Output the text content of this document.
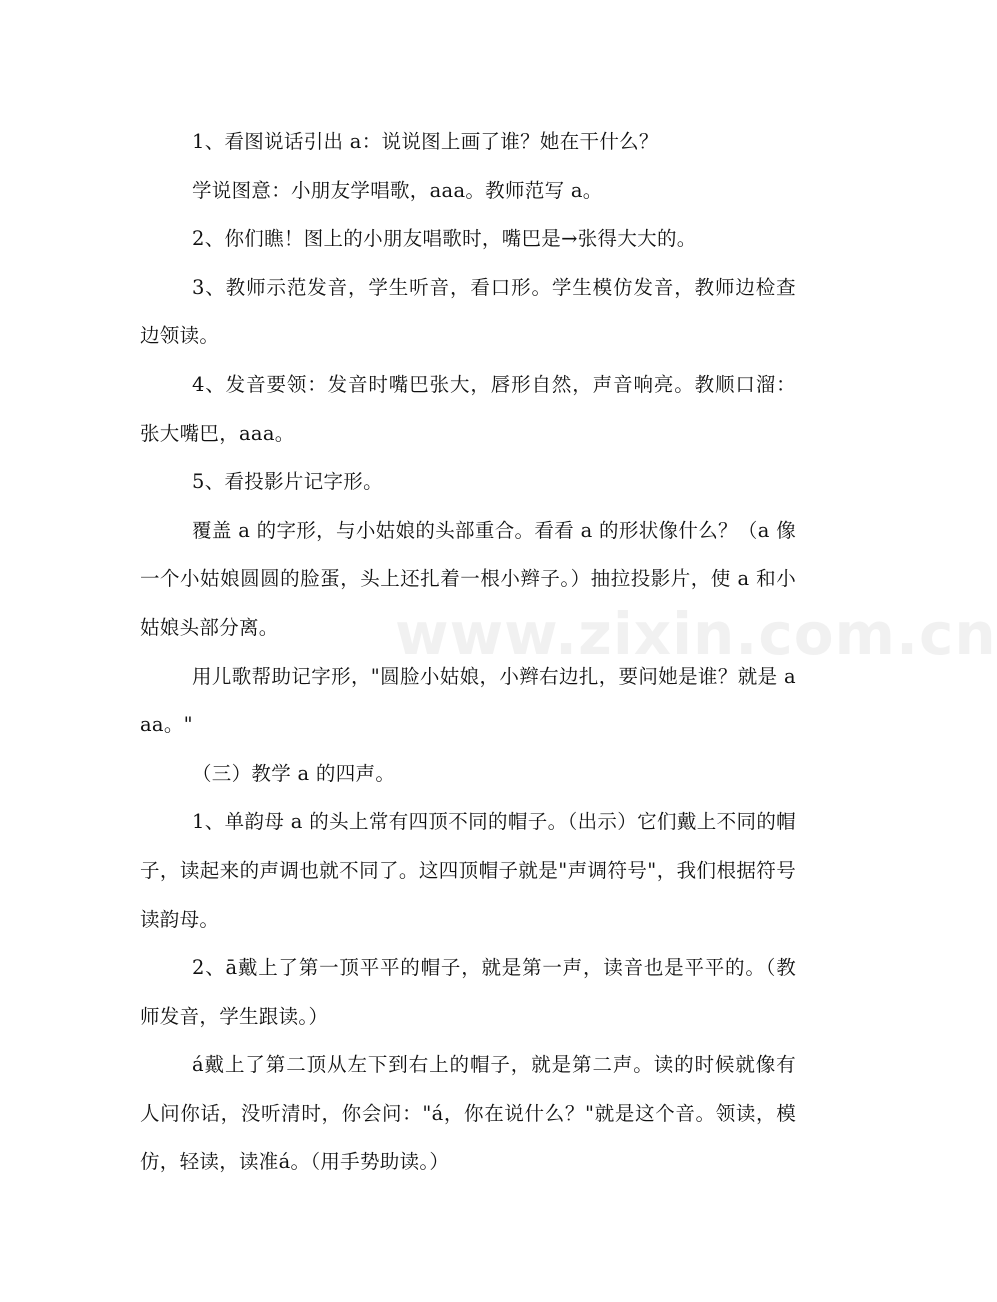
1、看图说话引出 a：说说图上画了谁？她在干什么？

学说图意：小朋友学唱歌，aaa。教师范写 a。

2、你们瞧！图上的小朋友唱歌时，嘴巴是→张得大大的。

3、教师示范发音，学生听音，看口形。学生模仿发音，教师边检查边领读。

4、发音要领：发音时嘴巴张大，唇形自然，声音响亮。教顺口溜：张大嘴巴，aaa。

5、看投影片记字形。

覆盖 a 的字形，与小姑娘的头部重合。看看 a 的形状像什么？（a 像一个小姑娘圆圆的脸蛋，头上还扎着一根小辫子。）抽拉投影片，使 a 和小姑娘头部分离。

用儿歌帮助记字形，"圆脸小姑娘，小辫右边扎，要问她是谁？就是 aaa。"

（三）教学 a 的四声。

1、单韵母 a 的头上常有四顶不同的帽子。（出示）它们戴上不同的帽子，读起来的声调也就不同了。这四顶帽子就是"声调符号"，我们根据符号读韵母。

2、ā戴上了第一顶平平的帽子，就是第一声，读音也是平平的。（教师发音，学生跟读。）

á戴上了第二顶从左下到右上的帽子，就是第二声。读的时候就像有人问你话，没听清时，你会问："á，你在说什么？"就是这个音。领读，模仿，轻读，读准á。（用手势助读。）

www.zixin.com.cn
